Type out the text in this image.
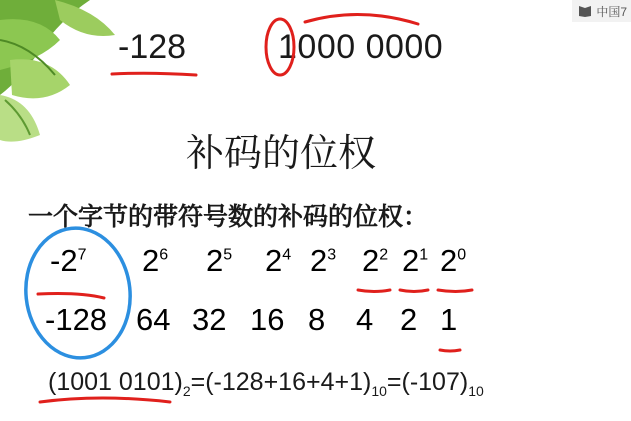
中国7
-128	1000 0000
补码的位权
一个字节的带符号数的补码的位权：
$-2^7$ $2^6$ $2^5$ $2^4$ $2^3$ $2^2$ $2^1$ $2^0$
-128 64 32 16 8 4 2 1
(1001 $0101)_2=(-128+16+4+1)_{10}=(-107)_{10}$
